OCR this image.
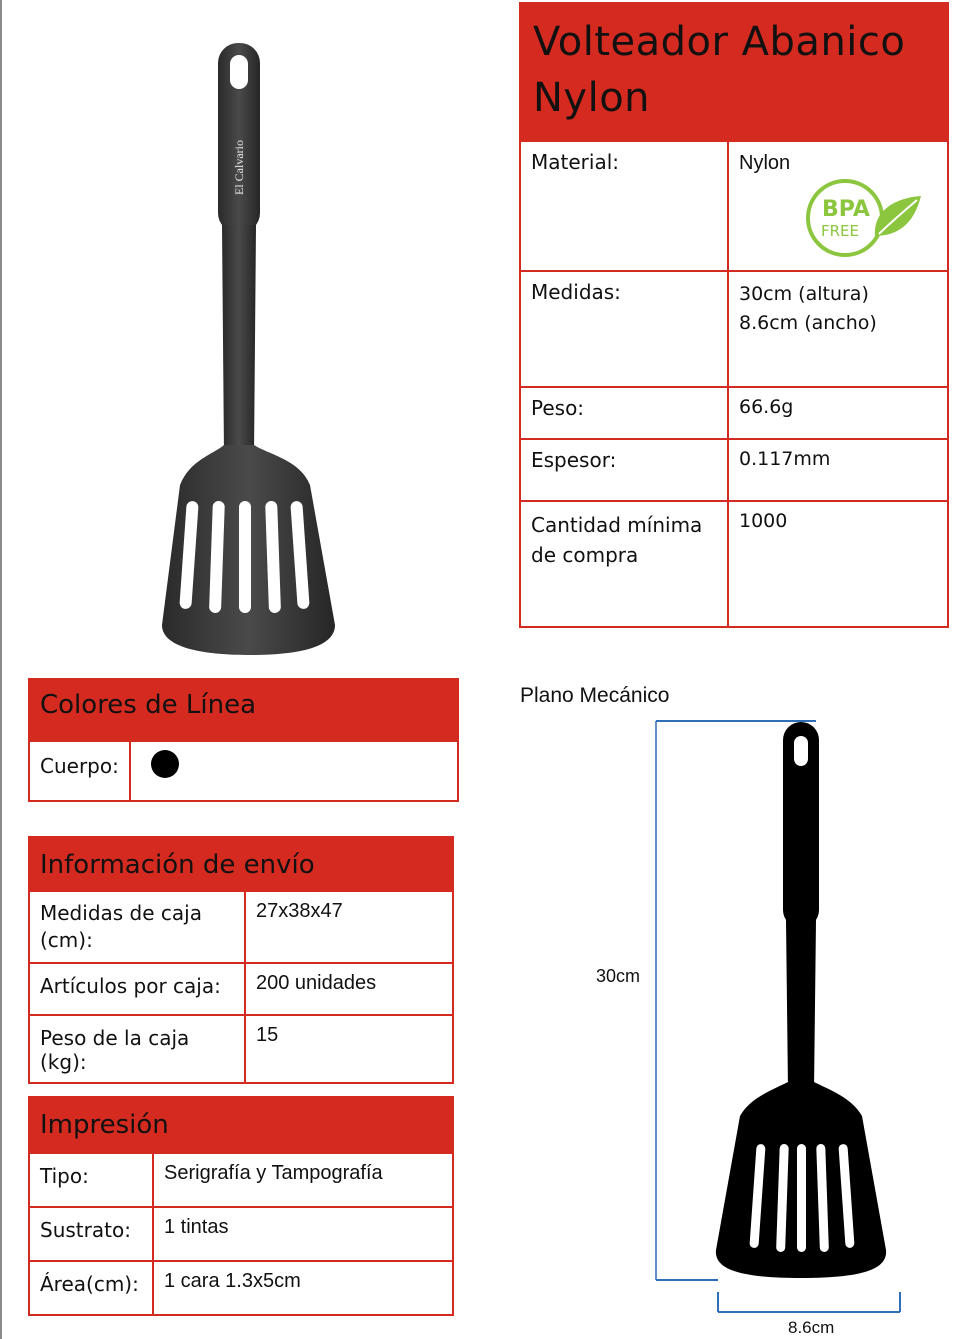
El Calvario
Volteador Abanico
Nylon
Material:	Nylon
BPA
FREE

Medidas:	30cm (altura)
8.6cm (ancho)

Peso:	66.6g
Espesor:	0.117mm

Cantidad mínima
de compra	1000
Colores de Línea
Cuerpo:	
Información de envío
Medidas de caja
(cm):	27x38x47
Artículos por caja:	200 unidades
Peso de la caja (kg):	15
Impresión
Tipo:	Serigrafía y Tampografía
Sustrato:	1 tintas
Área(cm):	1 cara 1.3x5cm
Plano Mecánico
30cm
8.6cm
